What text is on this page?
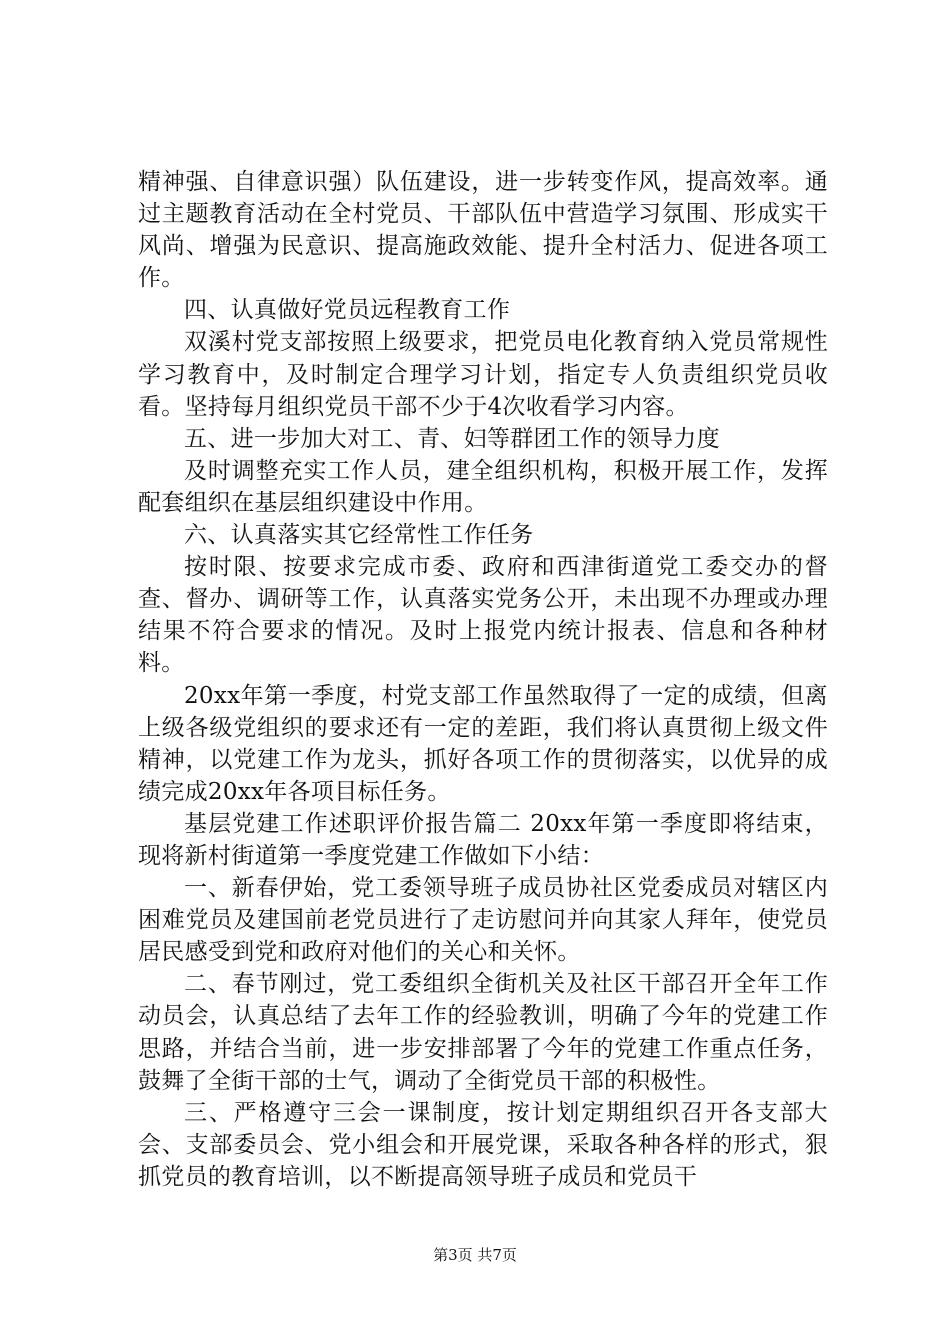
精神强、自律意识强）队伍建设，进一步转变作风，提高效率。通过主题教育活动在全村党员、干部队伍中营造学习氛围、形成实干风尚、增强为民意识、提高施政效能、提升全村活力、促进各项工作。

四、认真做好党员远程教育工作

双溪村党支部按照上级要求，把党员电化教育纳入党员常规性学习教育中，及时制定合理学习计划，指定专人负责组织党员收看。坚持每月组织党员干部不少于4次收看学习内容。

五、进一步加大对工、青、妇等群团工作的领导力度

及时调整充实工作人员，建全组织机构，积极开展工作，发挥配套组织在基层组织建设中作用。

六、认真落实其它经常性工作任务

按时限、按要求完成市委、政府和西津街道党工委交办的督查、督办、调研等工作，认真落实党务公开，未出现不办理或办理结果不符合要求的情况。及时上报党内统计报表、信息和各种材料。

20xx年第一季度，村党支部工作虽然取得了一定的成绩，但离上级各级党组织的要求还有一定的差距，我们将认真贯彻上级文件精神，以党建工作为龙头，抓好各项工作的贯彻落实，以优异的成绩完成20xx年各项目标任务。

基层党建工作述职评价报告篇二 20xx年第一季度即将结束，现将新村街道第一季度党建工作做如下小结：

一、新春伊始，党工委领导班子成员协社区党委成员对辖区内困难党员及建国前老党员进行了走访慰问并向其家人拜年，使党员居民感受到党和政府对他们的关心和关怀。

二、春节刚过，党工委组织全街机关及社区干部召开全年工作动员会，认真总结了去年工作的经验教训，明确了今年的党建工作思路，并结合当前，进一步安排部署了今年的党建工作重点任务，鼓舞了全街干部的士气，调动了全街党员干部的积极性。

三、严格遵守三会一课制度，按计划定期组织召开各支部大会、支部委员会、党小组会和开展党课，采取各种各样的形式，狠抓党员的教育培训，以不断提高领导班子成员和党员干

第3页 共7页
